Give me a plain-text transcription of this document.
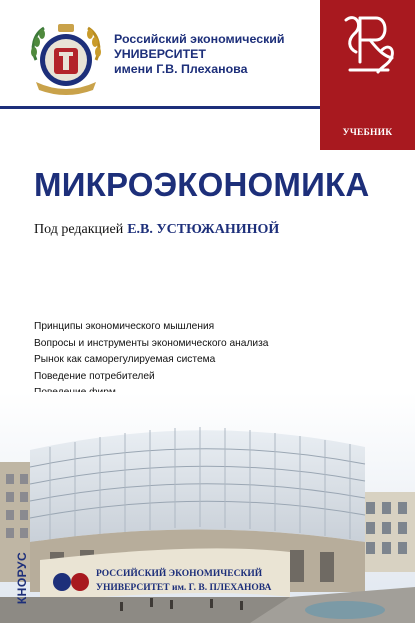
Российский экономический
УНИВЕРСИТЕТ
имени Г.В. Плеханова
УЧЕБНИК
МИКРОЭКОНОМИКА
Под редакцией Е.В. УСТЮЖАНИНОЙ
Принципы экономического мышления
Вопросы и инструменты экономического анализа
Рынок как саморегулируемая система
Поведение потребителей
РОССИЙСКИЙ ЭКОНОМИЧЕСКИЙ
УНИВЕРСИТЕТ им. Г. В. ПЛЕХАНОВА
КНОРУС
